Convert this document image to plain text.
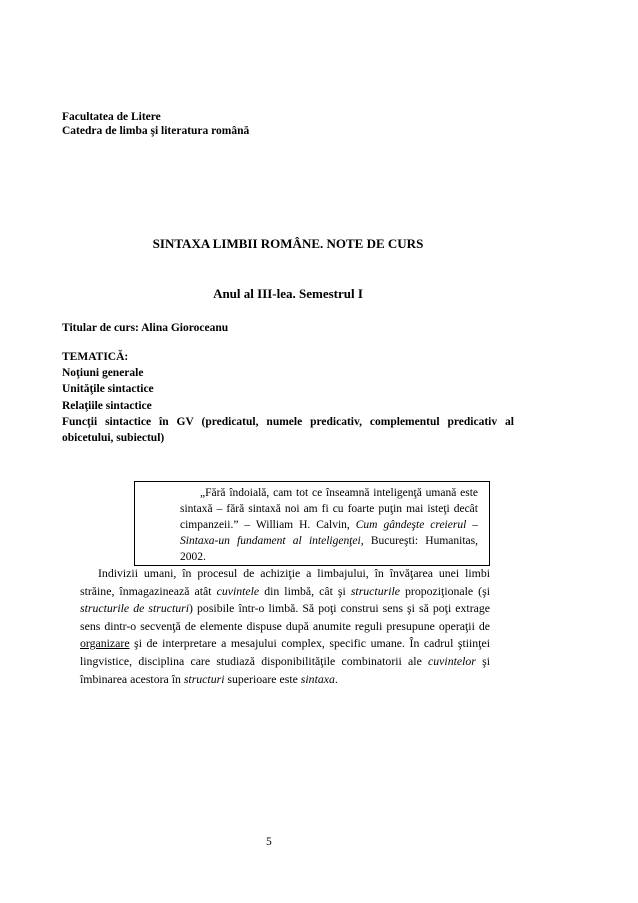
Facultatea de Litere
Catedra de limba şi literatura română
SINTAXA LIMBII ROMÂNE. NOTE DE CURS
Anul al III-lea. Semestrul I
Titular de curs: Alina Gioroceanu
TEMATICĂ:
Noţiuni generale
Unităţile sintactice
Relaţiile sintactice
Funcţii sintactice în GV (predicatul, numele predicativ, complementul predicativ al
obicetului, subiectul)
„Fără îndoială, cam tot ce înseamnă inteligenţă umană este
sintaxă – fără sintaxă noi am fi cu foarte puţin mai isteţi decât
cimpanzeii.” – William H. Calvin, Cum gândeşte creierul –
Sintaxa-un fundament al inteligenţei, Bucureşti: Humanitas,
2002.
Indivizii umani, în procesul de achiziţie a limbajului, în învăţarea unei limbi
străine, înmagazinează atât cuvintele din limbă, cât şi structurile propoziţionale (şi
structurile de structuri) posibile într-o limbă. Să poţi construi sens şi să poţi extrage
sens dintr-o secvenţă de elemente dispuse după anumite reguli presupune operaţii de
organizare şi de interpretare a mesajului complex, specific umane. În cadrul ştiinţei
lingvistice, disciplina care studiază disponibilităţile combinatorii ale cuvintelor şi
îmbinarea acestora în structuri superioare este sintaxa.
5
